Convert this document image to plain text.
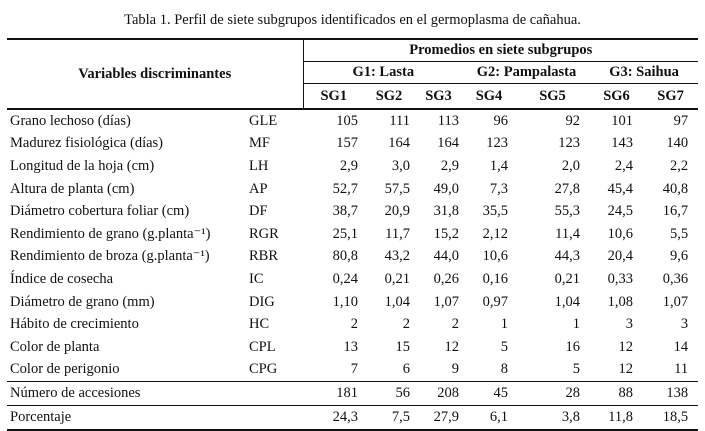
Tabla 1. Perfil de siete subgrupos identificados en el germoplasma de cañahua.
Variables discriminantes		Promedios en siete subgrupos						
		G1: Lasta			G2: Pampalasta		G3: Saihua	
		SG1	SG2	SG3	SG4	SG5	SG6	SG7
Grano lechoso (días)	GLE	105	111	113	96	92	101	97
Madurez fisiológica (días)	MF	157	164	164	123	123	143	140
Longitud de la hoja (cm)	LH	2,9	3,0	2,9	1,4	2,0	2,4	2,2
Altura de planta (cm)	AP	52,7	57,5	49,0	7,3	27,8	45,4	40,8
Diámetro cobertura foliar (cm)	DF	38,7	20,9	31,8	35,5	55,3	24,5	16,7
Rendimiento de grano (g.planta⁻¹)	RGR	25,1	11,7	15,2	2,12	11,4	10,6	5,5
Rendimiento de broza (g.planta⁻¹)	RBR	80,8	43,2	44,0	10,6	44,3	20,4	9,6
Índice de cosecha	IC	0,24	0,21	0,26	0,16	0,21	0,33	0,36
Diámetro de grano (mm)	DIG	1,10	1,04	1,07	0,97	1,04	1,08	1,07
Hábito de crecimiento	HC	2	2	2	1	1	3	3
Color de planta	CPL	13	15	12	5	16	12	14
Color de perigonio	CPG	7	6	9	8	5	12	11
Número de accesiones		181	56	208	45	28	88	138
Porcentaje		24,3	7,5	27,9	6,1	3,8	11,8	18,5
